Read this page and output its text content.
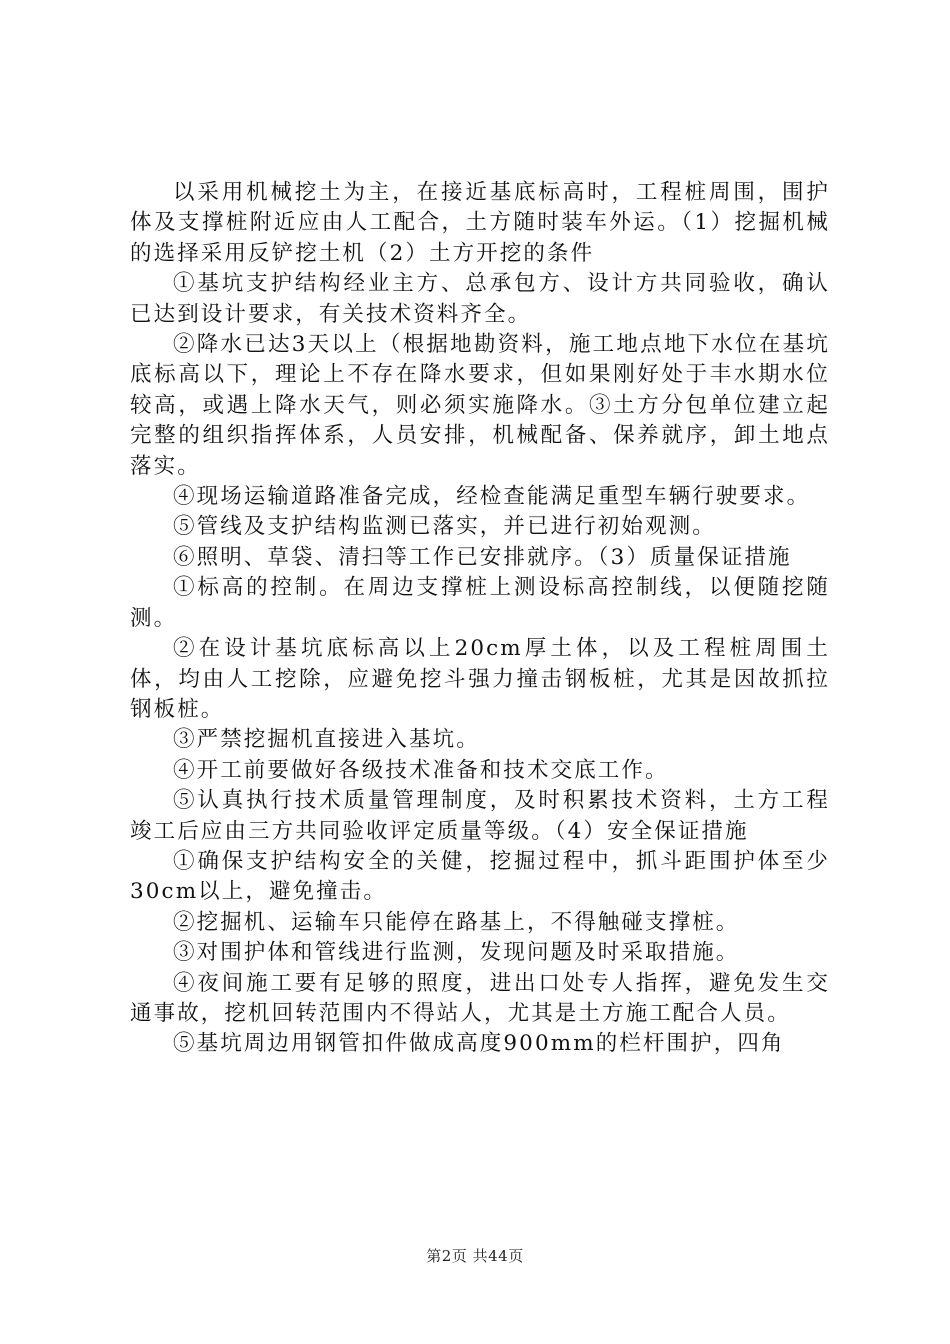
以采用机械挖土为主，在接近基底标高时，工程桩周围，围护体及支撑桩附近应由人工配合，土方随时装车外运。（1）挖掘机械的选择采用反铲挖土机（2）土方开挖的条件

①基坑支护结构经业主方、总承包方、设计方共同验收，确认已达到设计要求，有关技术资料齐全。

②降水已达3天以上（根据地勘资料，施工地点地下水位在基坑底标高以下，理论上不存在降水要求，但如果刚好处于丰水期水位较高，或遇上降水天气，则必须实施降水。③土方分包单位建立起完整的组织指挥体系，人员安排，机械配备、保养就序，卸土地点落实。

④现场运输道路准备完成，经检查能满足重型车辆行驶要求。

⑤管线及支护结构监测已落实，并已进行初始观测。

⑥照明、草袋、清扫等工作已安排就序。（3）质量保证措施

①标高的控制。在周边支撑桩上测设标高控制线，以便随挖随测。

②在设计基坑底标高以上20cm厚土体，以及工程桩周围土体，均由人工挖除，应避免挖斗强力撞击钢板桩，尤其是因故抓拉钢板桩。

③严禁挖掘机直接进入基坑。

④开工前要做好各级技术准备和技术交底工作。

⑤认真执行技术质量管理制度，及时积累技术资料，土方工程竣工后应由三方共同验收评定质量等级。（4）安全保证措施

①确保支护结构安全的关健，挖掘过程中，抓斗距围护体至少30cm以上，避免撞击。

②挖掘机、运输车只能停在路基上，不得触碰支撑桩。

③对围护体和管线进行监测，发现问题及时采取措施。

④夜间施工要有足够的照度，进出口处专人指挥，避免发生交通事故，挖机回转范围内不得站人，尤其是土方施工配合人员。

⑤基坑周边用钢管扣件做成高度900mm的栏杆围护，四角

第2页 共44页
